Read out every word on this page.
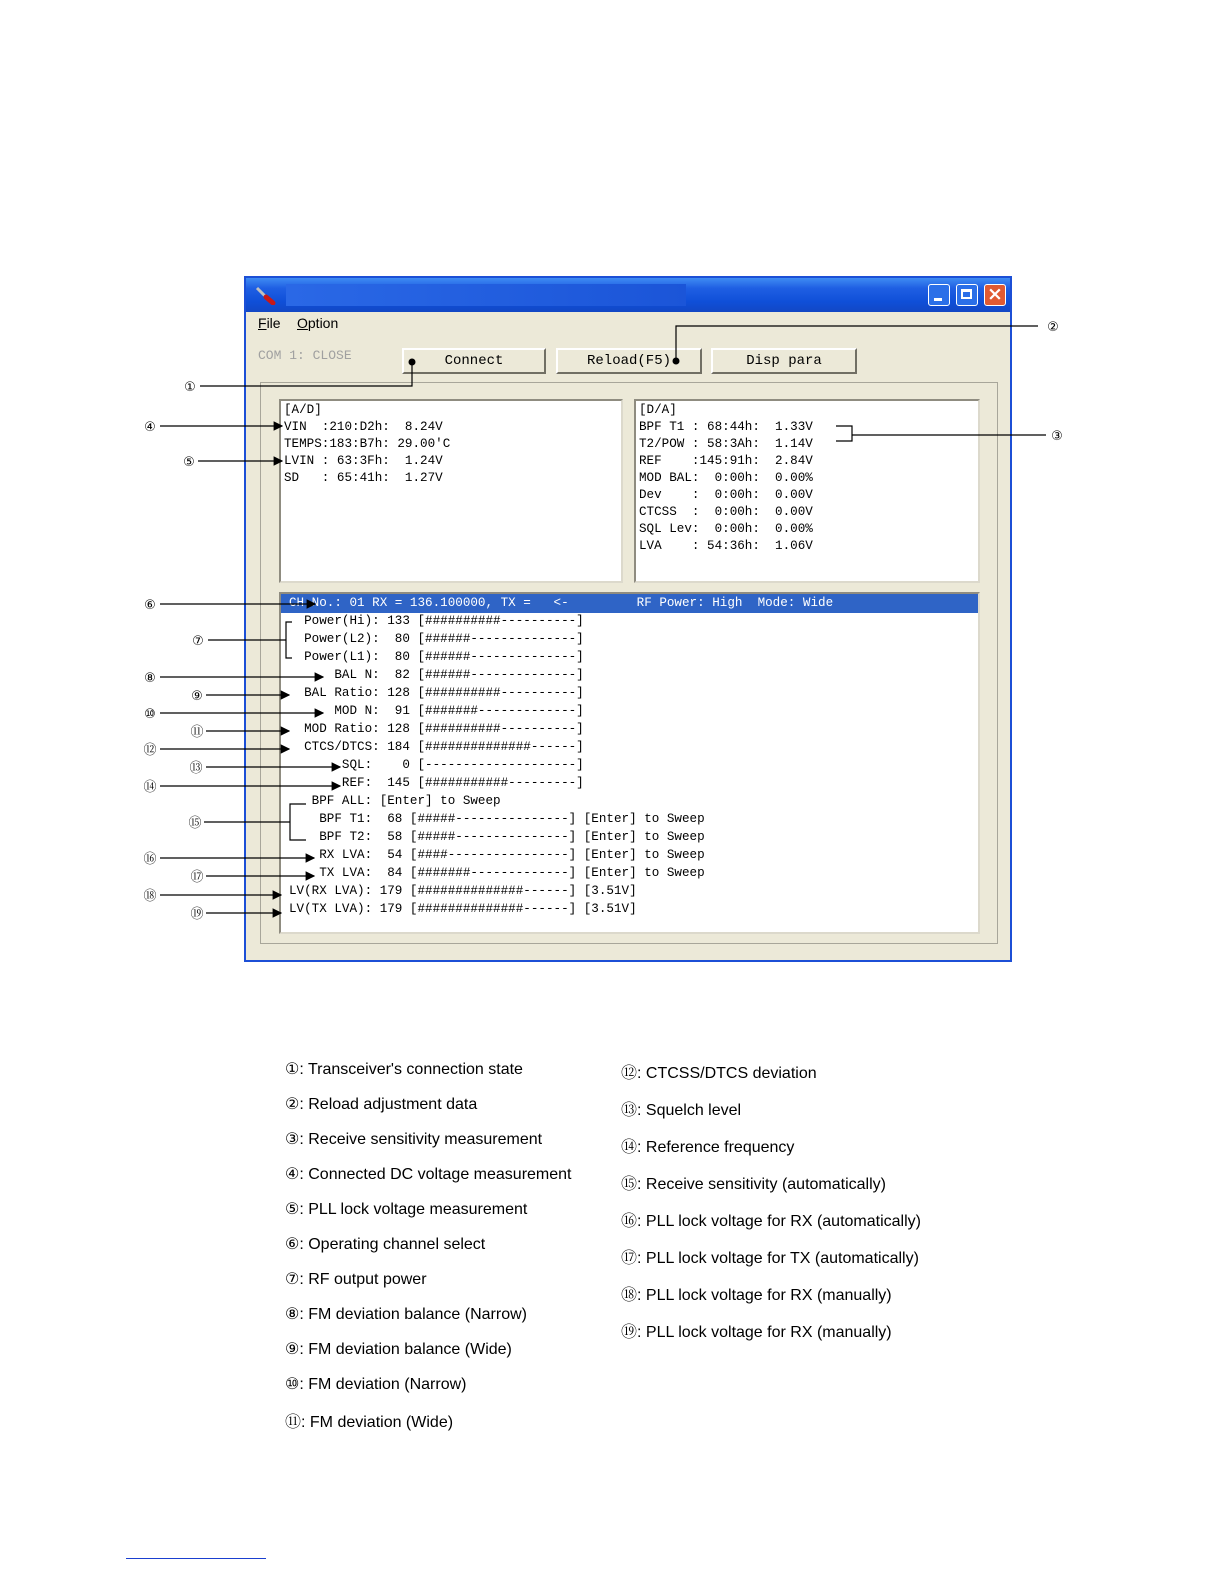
×
File Option
COM 1: CLOSE	Connect	Reload(F5)	Disp para
[A/D]
VIN  :210:D2h:  8.24V
TEMPS:183:B7h: 29.00'C
LVIN : 63:3Fh:  1.24V
SD   : 65:41h:  1.27V
[D/A]
BPF T1 : 68:44h:  1.33V
T2/POW : 58:3Ah:  1.14V
REF    :145:91h:  2.84V
MOD BAL:  0:00h:  0.00%
Dev    :  0:00h:  0.00V
CTCSS  :  0:00h:  0.00V
SQL Lev:  0:00h:  0.00%
LVA    : 54:36h:  1.06V
CH No.: 01 RX = 136.100000, TX =   <-         RF Power: High  Mode: Wide
Power(Hi): 133 [##########----------]
Power(L2):  80 [######--------------]
Power(L1):  80 [######--------------]
BAL N:  82 [######--------------]
BAL Ratio: 128 [##########----------]
MOD N:  91 [#######-------------]
MOD Ratio: 128 [##########----------]
CTCS/DTCS: 184 [##############------]
SQL:    0 [--------------------]
REF:  145 [###########---------]
BPF ALL: [Enter] to Sweep
BPF T1:  68 [#####---------------] [Enter] to Sweep
BPF T2:  58 [#####---------------] [Enter] to Sweep
RX LVA:  54 [####----------------] [Enter] to Sweep
TX LVA:  84 [#######-------------] [Enter] to Sweep
LV(RX LVA): 179 [##############------] [3.51V]
LV(TX LVA): 179 [##############------] [3.51V]
①
②
③
④
⑤
⑥
⑦
⑧
⑨
⑩
⑪
⑫
⑬
⑭
⑮
⑯
⑰
⑱
⑲
①: Transceiver's connection state
②: Reload adjustment data
③: Receive sensitivity measurement
④: Connected DC voltage measurement
⑤: PLL lock voltage measurement
⑥: Operating channel select
⑦: RF output power
⑧: FM deviation balance (Narrow)
⑨: FM deviation balance (Wide)
⑩: FM deviation (Narrow)
⑪: FM deviation (Wide)
⑫: CTCSS/DTCS deviation
⑬: Squelch level
⑭: Reference frequency
⑮: Receive sensitivity (automatically)
⑯: PLL lock voltage for RX (automatically)
⑰: PLL lock voltage for TX (automatically)
⑱: PLL lock voltage for RX (manually)
⑲: PLL lock voltage for RX (manually)
